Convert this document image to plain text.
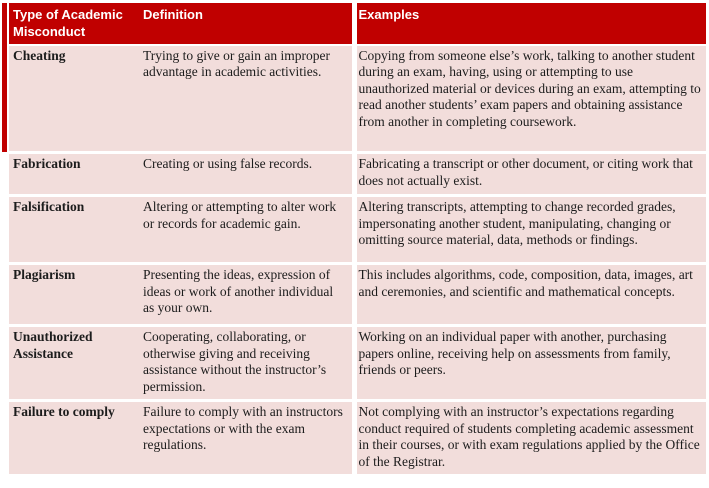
Type of Academic Misconduct	Definition	Examples
Cheating	Trying to give or gain an improper advantage in academic activities.	Copying from someone else’s work, talking to another student during an exam, having, using or attempting to use unauthorized material or devices during an exam, attempting to read another students’ exam papers and obtaining assistance from another in completing coursework.
Fabrication	Creating or using false records.	Fabricating a transcript or other document, or citing work that does not actually exist.
Falsification	Altering or attempting to alter work or records for academic gain.	Altering transcripts, attempting to change recorded grades, impersonating another student, manipulating, changing or omitting source material, data, methods or findings.
Plagiarism	Presenting the ideas, expression of ideas or work of another individual as your own.	This includes algorithms, code, composition, data, images, art and ceremonies, and scientific and mathematical concepts.
Unauthorized Assistance	Cooperating, collaborating, or otherwise giving and receiving assistance without the instructor’s permission.	Working on an individual paper with another, purchasing papers online, receiving help on assessments from family, friends or peers.
Failure to comply	Failure to comply with an instructors expectations or with the exam regulations.	Not complying with an instructor’s expectations regarding conduct required of students completing academic assessment in their courses, or with exam regulations applied by the Office of the Registrar.
